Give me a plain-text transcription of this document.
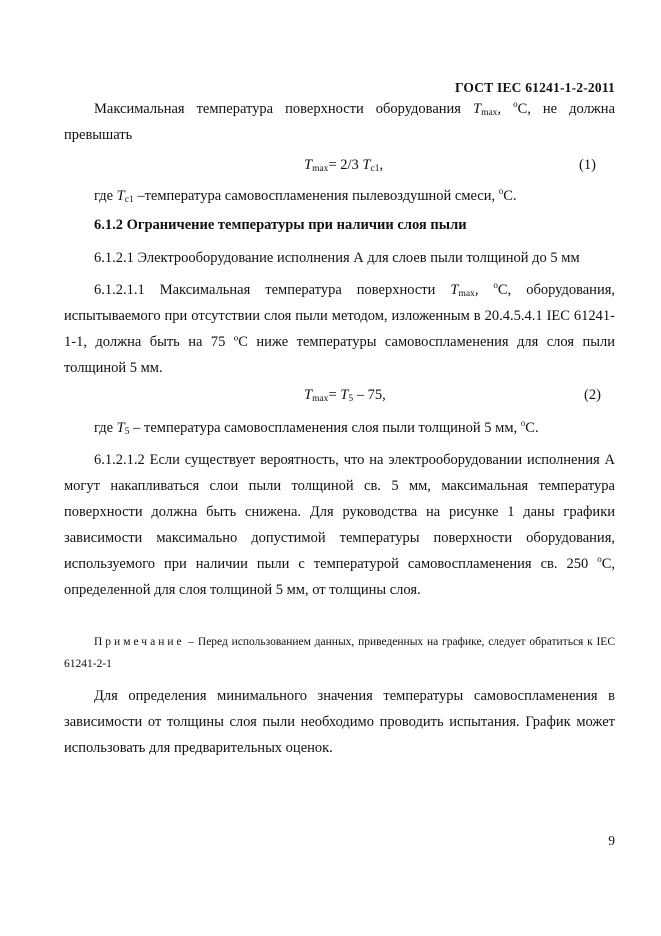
ГОСТ IEC 61241-1-2-2011
Максимальная температура поверхности оборудования $T_{max}$, $^o$C, не должна превышать
$T_{max}= 2/3$ $T_{c1}$,	(1)
где $T_{c1}$ –температура самовоспламенения пылевоздушной смеси, $^o$С.
6.1.2 Ограничение температуры при наличии слоя пыли
6.1.2.1 Электрооборудование исполнения А для слоев пыли толщиной до 5 мм
6.1.2.1.1 Максимальная температура поверхности $T_{max}$, $^o$С, оборудования, испытываемого при отсутствии слоя пыли методом, изложенным в 20.4.5.4.1 IEC 61241-1-1, должна быть на 75 ºС ниже температуры самовоспламенения для слоя пыли толщиной 5 мм.
$T_{max}= T_5 - 75$,	(2)
где $T_5$ – температура самовоспламенения слоя пыли толщиной 5 мм, $^o$С.
6.1.2.1.2 Если существует вероятность, что на электрооборудовании исполнения А могут накапливаться слои пыли толщиной св. 5 мм, максимальная температура поверхности должна быть снижена. Для руководства на рисунке 1 даны графики зависимости максимально допустимой температуры поверхности оборудования, используемого при наличии пыли с температурой самовоспламенения св. 250 $^o$С, определенной для слоя толщиной 5 мм, от толщины слоя.
Примечание – Перед использованием данных, приведенных на графике, следует обратиться к IEC 61241-2-1
Для определения минимального значения температуры самовоспламенения в зависимости от толщины слоя пыли необходимо проводить испытания. График может использовать для предварительных оценок.
9
